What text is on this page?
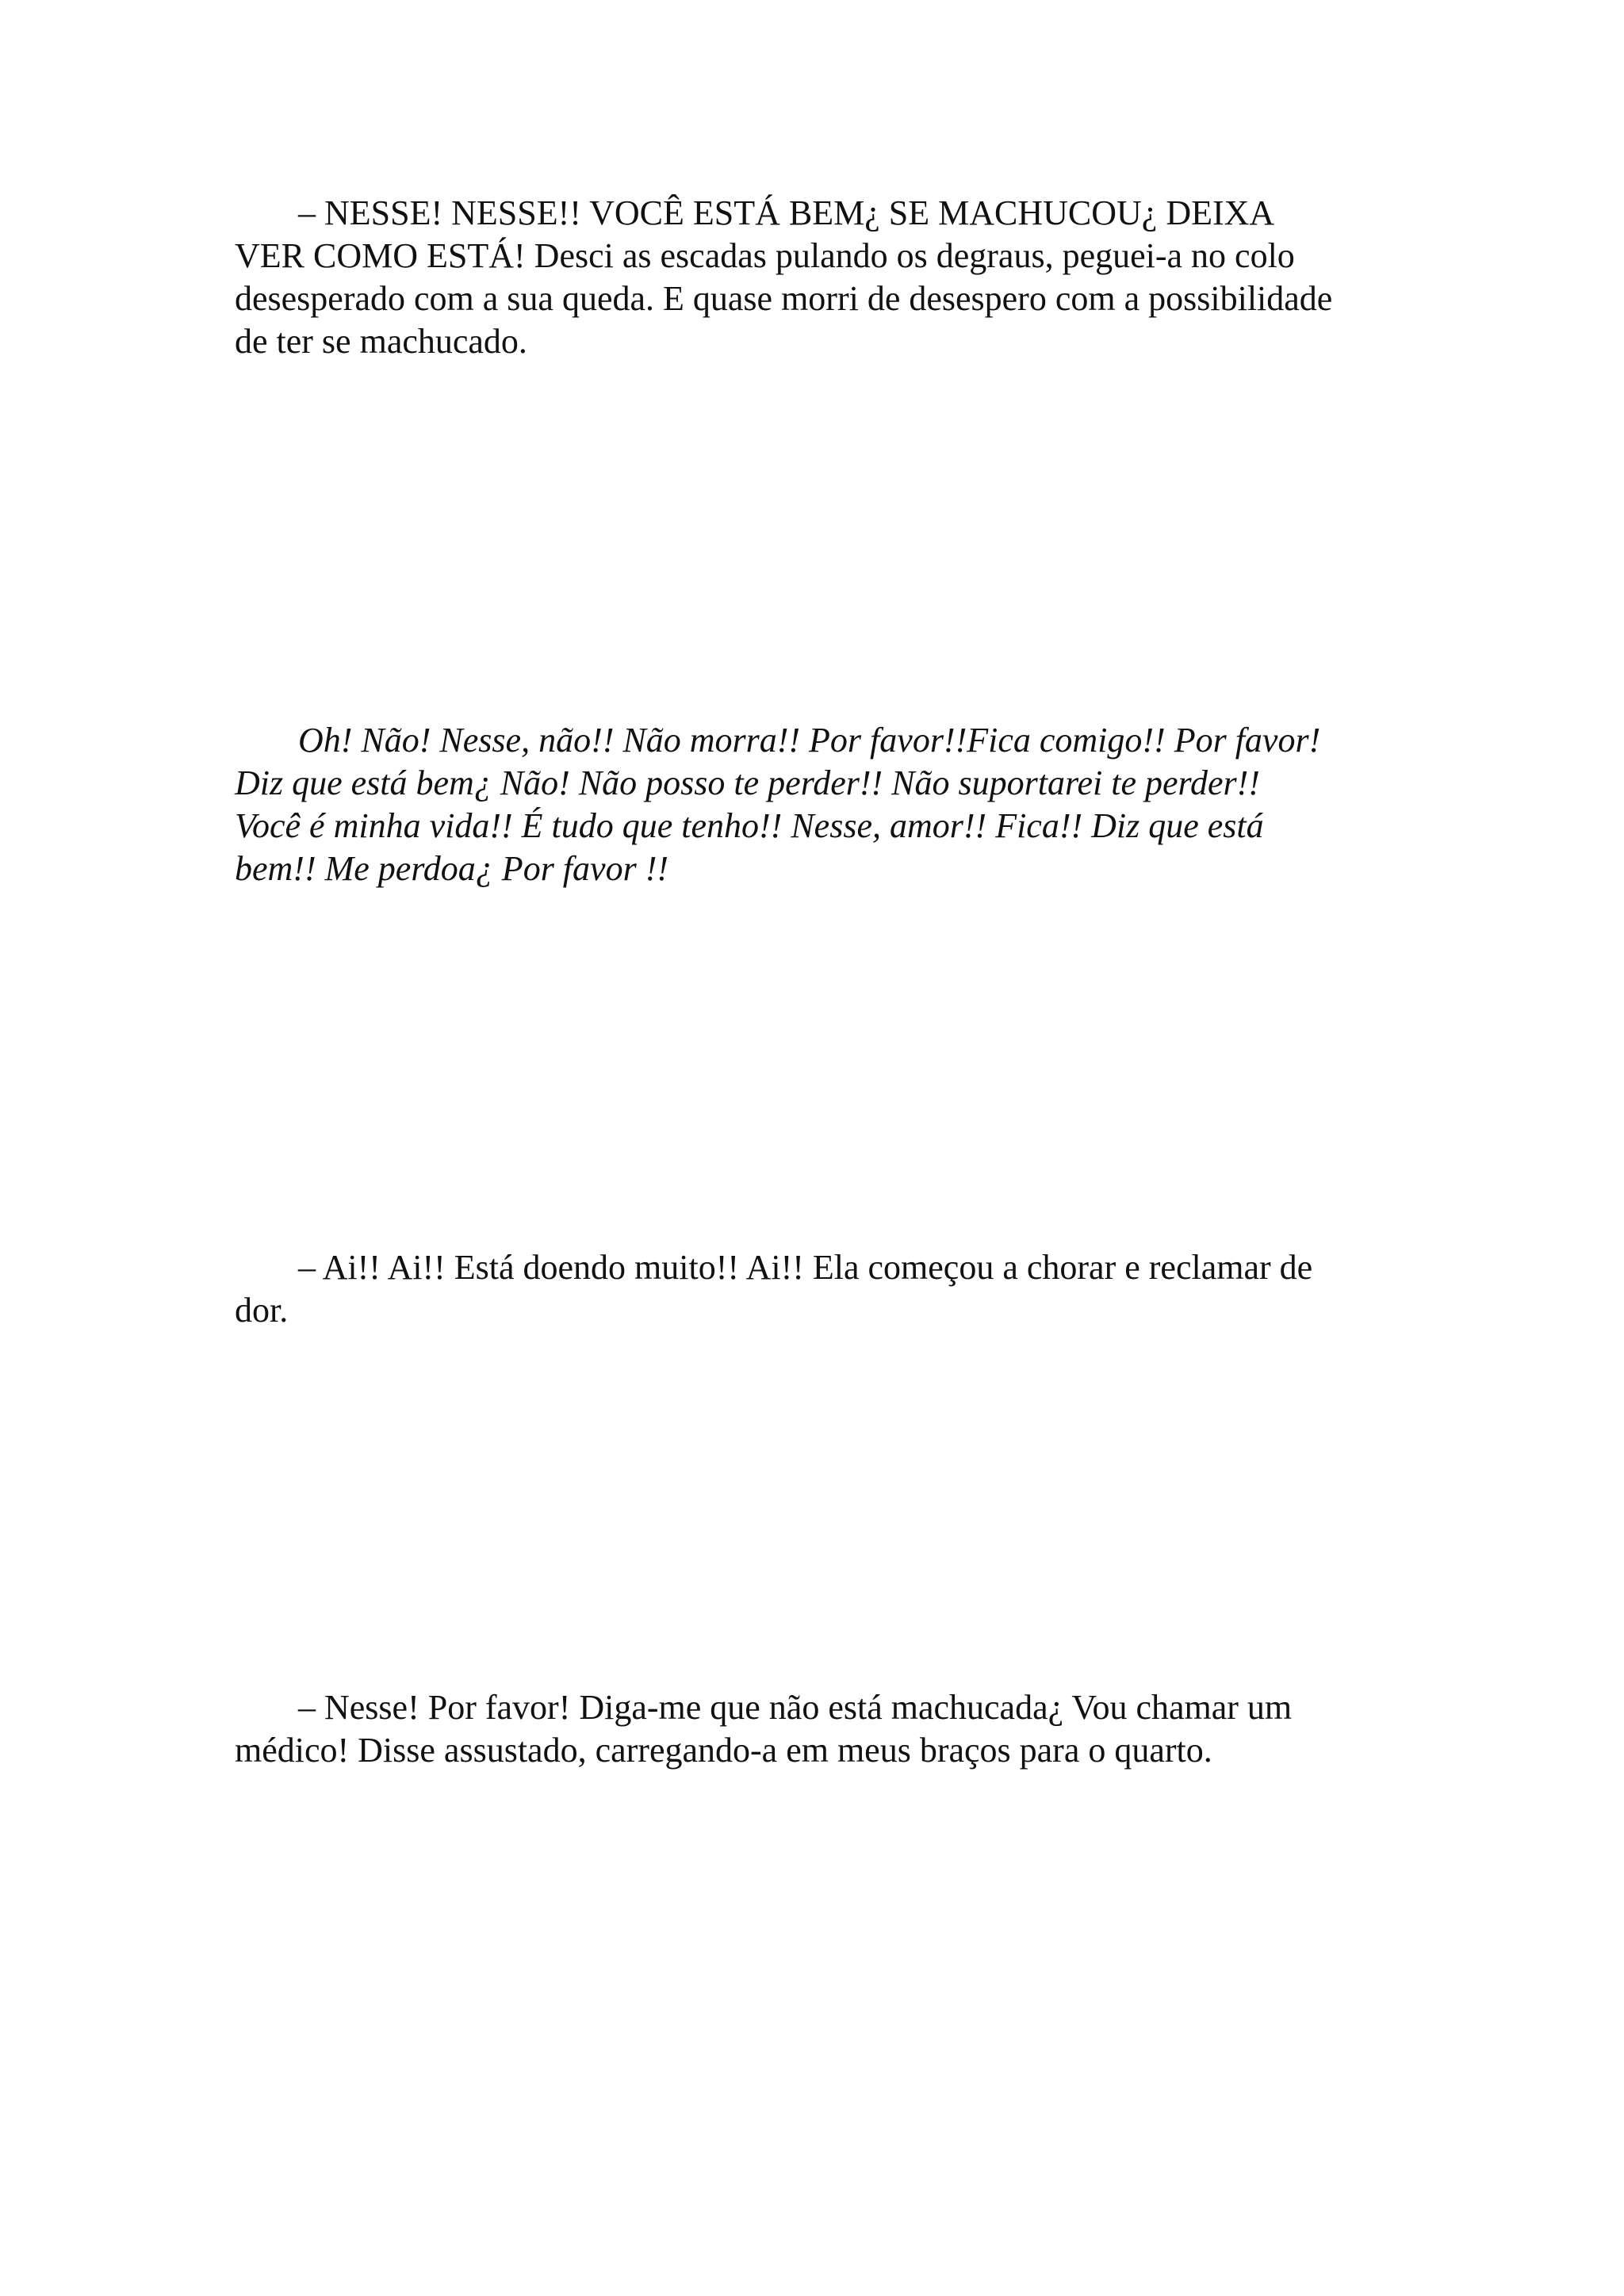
– NESSE! NESSE!! VOCÊ ESTÁ BEM¿ SE MACHUCOU¿ DEIXA
VER COMO ESTÁ! Desci as escadas pulando os degraus, peguei-a no colo
desesperado com a sua queda. E quase morri de desespero com a possibilidade
de ter se machucado.

Oh! Não! Nesse, não!! Não morra!! Por favor!!Fica comigo!! Por favor!
Diz que está bem¿ Não! Não posso te perder!! Não suportarei te perder!!
Você é minha vida!! É tudo que tenho!! Nesse, amor!! Fica!! Diz que está
bem!! Me perdoa¿ Por favor !!

– Ai!! Ai!! Está doendo muito!! Ai!! Ela começou a chorar e reclamar de
dor.

– Nesse! Por favor! Diga-me que não está machucada¿ Vou chamar um
médico! Disse assustado, carregando-a em meus braços para o quarto.
